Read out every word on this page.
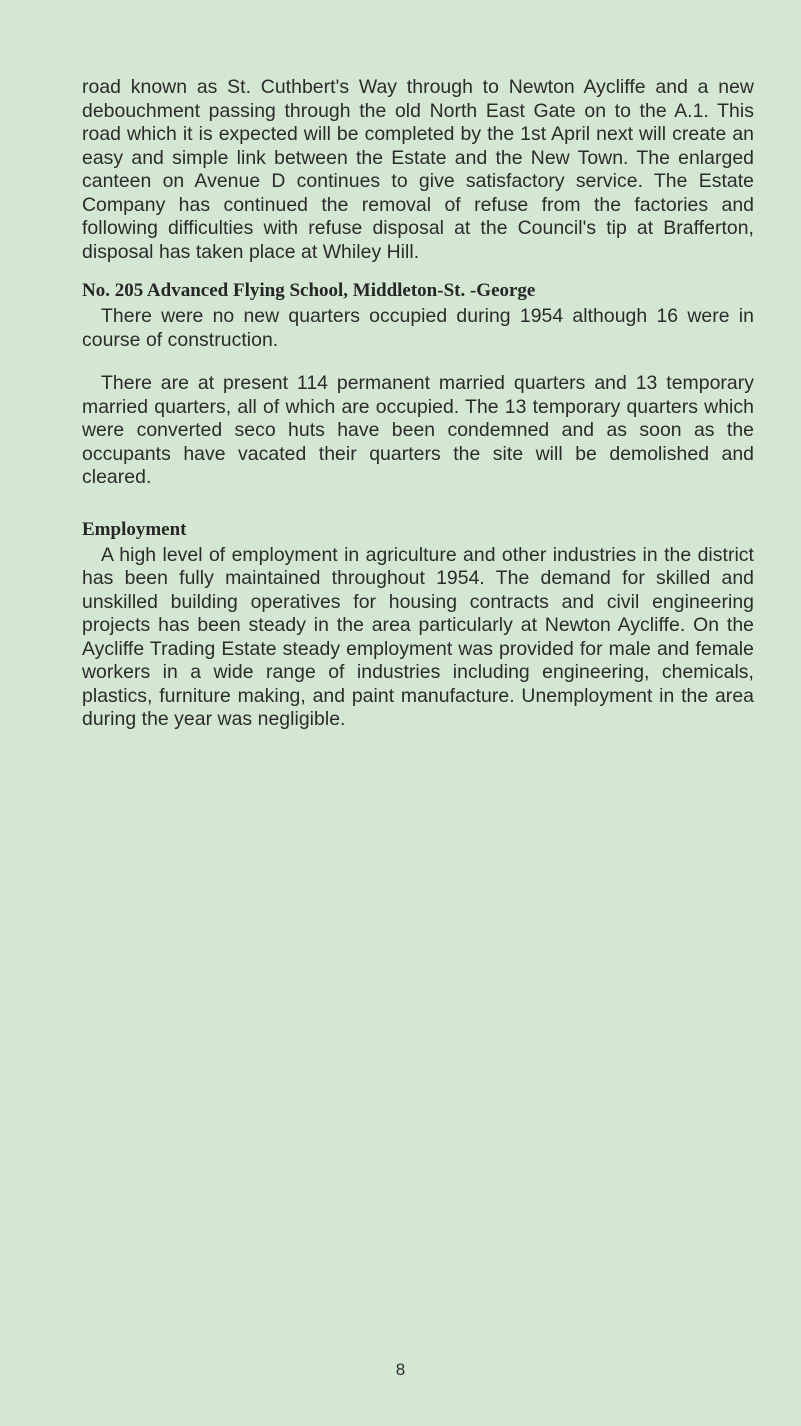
road known as St. Cuthbert's Way through to Newton Aycliffe and a new debouchment passing through the old North East Gate on to the A.1. This road which it is expected will be completed by the 1st April next will create an easy and simple link between the Estate and the New Town. The enlarged canteen on Avenue D continues to give satisfactory service. The Estate Company has continued the removal of refuse from the factories and following difficulties with refuse disposal at the Council's tip at Brafferton, disposal has taken place at Whiley Hill.

No. 205 Advanced Flying School, Middleton-St. -George

There were no new quarters occupied during 1954 although 16 were in course of construction.

There are at present 114 permanent married quarters and 13 temporary married quarters, all of which are occupied. The 13 temporary quarters which were converted seco huts have been condemned and as soon as the occupants have vacated their quarters the site will be demolished and cleared.

Employment

A high level of employment in agriculture and other industries in the district has been fully maintained throughout 1954. The demand for skilled and unskilled building operatives for housing contracts and civil engineering projects has been steady in the area particularly at Newton Aycliffe. On the Aycliffe Trading Estate steady employment was provided for male and female workers in a wide range of industries including engineering, chemicals, plastics, furniture making, and paint manufacture. Unemployment in the area during the year was negligible.

8
